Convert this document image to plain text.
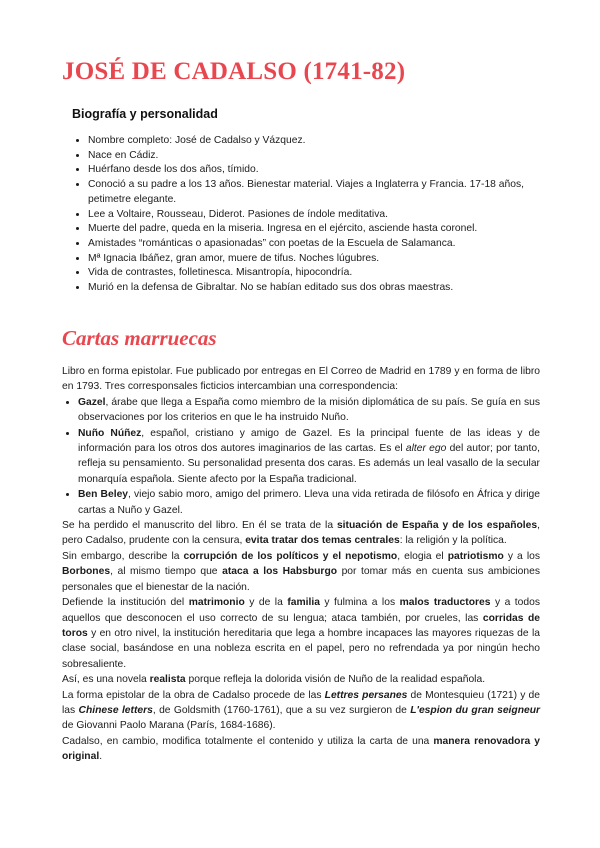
JOSÉ DE CADALSO (1741-82)
Biografía y personalidad
• Nombre completo: José de Cadalso y Vázquez.
• Nace en Cádiz.
• Huérfano desde los dos años, tímido.
• Conoció a su padre a los 13 años. Bienestar material. Viajes a Inglaterra y Francia. 17-18 años, petimetre elegante.
• Lee a Voltaire, Rousseau, Diderot. Pasiones de índole meditativa.
• Muerte del padre, queda en la miseria. Ingresa en el ejército, asciende hasta coronel.
• Amistades “románticas o apasionadas” con poetas de la Escuela de Salamanca.
• Mª Ignacia Ibáñez, gran amor, muere de tifus. Noches lúgubres.
• Vida de contrastes, folletinesca. Misantropía, hipocondría.
• Murió en la defensa de Gibraltar. No se habían editado sus dos obras maestras.
Cartas marruecas

Libro en forma epistolar. Fue publicado por entregas en El Correo de Madrid en 1789 y en forma de libro en 1793. Tres corresponsales ficticios intercambian una correspondencia:

• Gazel, árabe que llega a España como miembro de la misión diplomática de su país. Se guía en sus observaciones por los criterios en que le ha instruido Nuño.
• Nuño Núñez, español, cristiano y amigo de Gazel. Es la principal fuente de las ideas y de información para los otros dos autores imaginarios de las cartas. Es el alter ego del autor; por tanto, refleja su pensamiento. Su personalidad presenta dos caras. Es además un leal vasallo de la secular monarquía española. Siente afecto por la España tradicional.
• Ben Beley, viejo sabio moro, amigo del primero. Lleva una vida retirada de filósofo en África y dirige cartas a Nuño y Gazel.

Se ha perdido el manuscrito del libro. En él se trata de la situación de España y de los españoles, pero Cadalso, prudente con la censura, evita tratar dos temas centrales: la religión y la política.

Sin embargo, describe la corrupción de los políticos y el nepotismo, elogia el patriotismo y a los Borbones, al mismo tiempo que ataca a los Habsburgo por tomar más en cuenta sus ambiciones personales que el bienestar de la nación.

Defiende la institución del matrimonio y de la familia y fulmina a los malos traductores y a todos aquellos que desconocen el uso correcto de su lengua; ataca también, por crueles, las corridas de toros y en otro nivel, la institución hereditaria que lega a hombre incapaces las mayores riquezas de la clase social, basándose en una nobleza escrita en el papel, pero no refrendada ya por ningún hecho sobresaliente.

Así, es una novela realista porque refleja la dolorida visión de Nuño de la realidad española.

La forma epistolar de la obra de Cadalso procede de las Lettres persanes de Montesquieu (1721) y de las Chinese letters, de Goldsmith (1760-1761), que a su vez surgieron de L'espion du gran seigneur de Giovanni Paolo Marana (París, 1684-1686).

Cadalso, en cambio, modifica totalmente el contenido y utiliza la carta de una manera renovadora y original.
